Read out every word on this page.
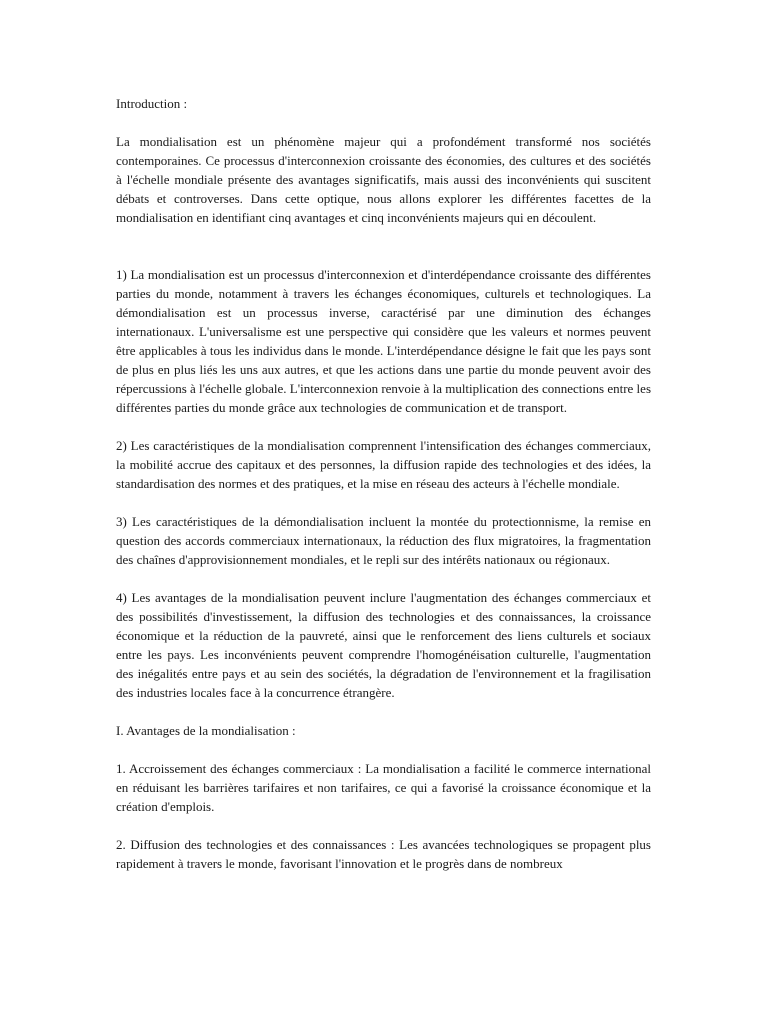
Introduction :

La mondialisation est un phénomène majeur qui a profondément transformé nos sociétés contemporaines. Ce processus d'interconnexion croissante des économies, des cultures et des sociétés à l'échelle mondiale présente des avantages significatifs, mais aussi des inconvénients qui suscitent débats et controverses. Dans cette optique, nous allons explorer les différentes facettes de la mondialisation en identifiant cinq avantages et cinq inconvénients majeurs qui en découlent.

1) La mondialisation est un processus d'interconnexion et d'interdépendance croissante des différentes parties du monde, notamment à travers les échanges économiques, culturels et technologiques. La démondialisation est un processus inverse, caractérisé par une diminution des échanges internationaux. L'universalisme est une perspective qui considère que les valeurs et normes peuvent être applicables à tous les individus dans le monde. L'interdépendance désigne le fait que les pays sont de plus en plus liés les uns aux autres, et que les actions dans une partie du monde peuvent avoir des répercussions à l'échelle globale. L'interconnexion renvoie à la multiplication des connections entre les différentes parties du monde grâce aux technologies de communication et de transport.

2) Les caractéristiques de la mondialisation comprennent l'intensification des échanges commerciaux, la mobilité accrue des capitaux et des personnes, la diffusion rapide des technologies et des idées, la standardisation des normes et des pratiques, et la mise en réseau des acteurs à l'échelle mondiale.

3) Les caractéristiques de la démondialisation incluent la montée du protectionnisme, la remise en question des accords commerciaux internationaux, la réduction des flux migratoires, la fragmentation des chaînes d'approvisionnement mondiales, et le repli sur des intérêts nationaux ou régionaux.

4) Les avantages de la mondialisation peuvent inclure l'augmentation des échanges commerciaux et des possibilités d'investissement, la diffusion des technologies et des connaissances, la croissance économique et la réduction de la pauvreté, ainsi que le renforcement des liens culturels et sociaux entre les pays. Les inconvénients peuvent comprendre l'homogénéisation culturelle, l'augmentation des inégalités entre pays et au sein des sociétés, la dégradation de l'environnement et la fragilisation des industries locales face à la concurrence étrangère.

I. Avantages de la mondialisation :

1. Accroissement des échanges commerciaux : La mondialisation a facilité le commerce international en réduisant les barrières tarifaires et non tarifaires, ce qui a favorisé la croissance économique et la création d'emplois.

2. Diffusion des technologies et des connaissances : Les avancées technologiques se propagent plus rapidement à travers le monde, favorisant l'innovation et le progrès dans de nombreux
